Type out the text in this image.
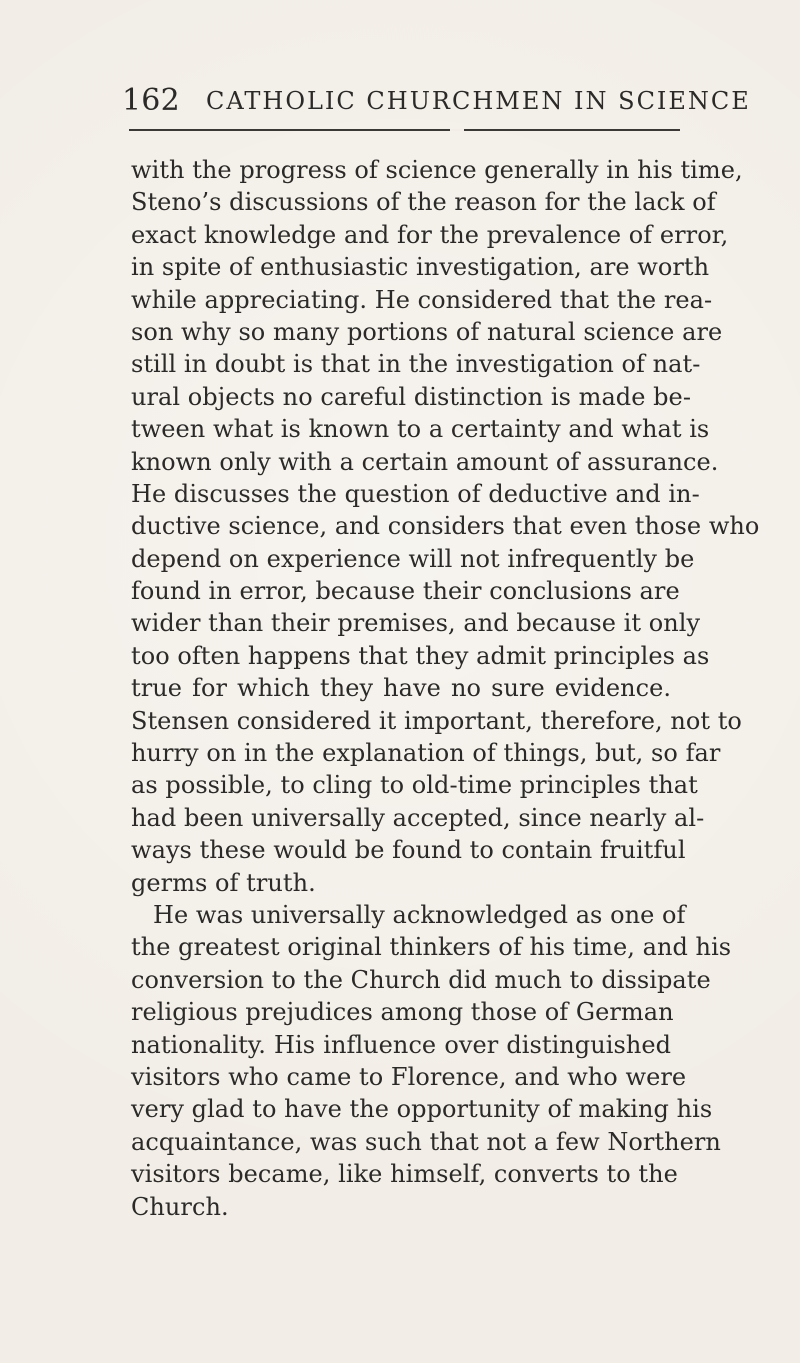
162 CATHOLIC CHURCHMEN IN SCIENCE
with the progress of science generally in his time,
Steno’s discussions of the reason for the lack of
exact knowledge and for the prevalence of error,
in spite of enthusiastic investigation, are worth
while appreciating. He considered that the rea-
son why so many portions of natural science are
still in doubt is that in the investigation of nat-
ural objects no careful distinction is made be-
tween what is known to a certainty and what is
known only with a certain amount of assurance.
He discusses the question of deductive and in-
ductive science, and considers that even those who
depend on experience will not infrequently be
found in error, because their conclusions are
wider than their premises, and because it only
too often happens that they admit principles as
true for which they have no sure evidence.
Stensen considered it important, therefore, not to
hurry on in the explanation of things, but, so far
as possible, to cling to old-time principles that
had been universally accepted, since nearly al-
ways these would be found to contain fruitful
germs of truth.
He was universally acknowledged as one of
the greatest original thinkers of his time, and his
conversion to the Church did much to dissipate
religious prejudices among those of German
nationality. His influence over distinguished
visitors who came to Florence, and who were
very glad to have the opportunity of making his
acquaintance, was such that not a few Northern
visitors became, like himself, converts to the
Church.
